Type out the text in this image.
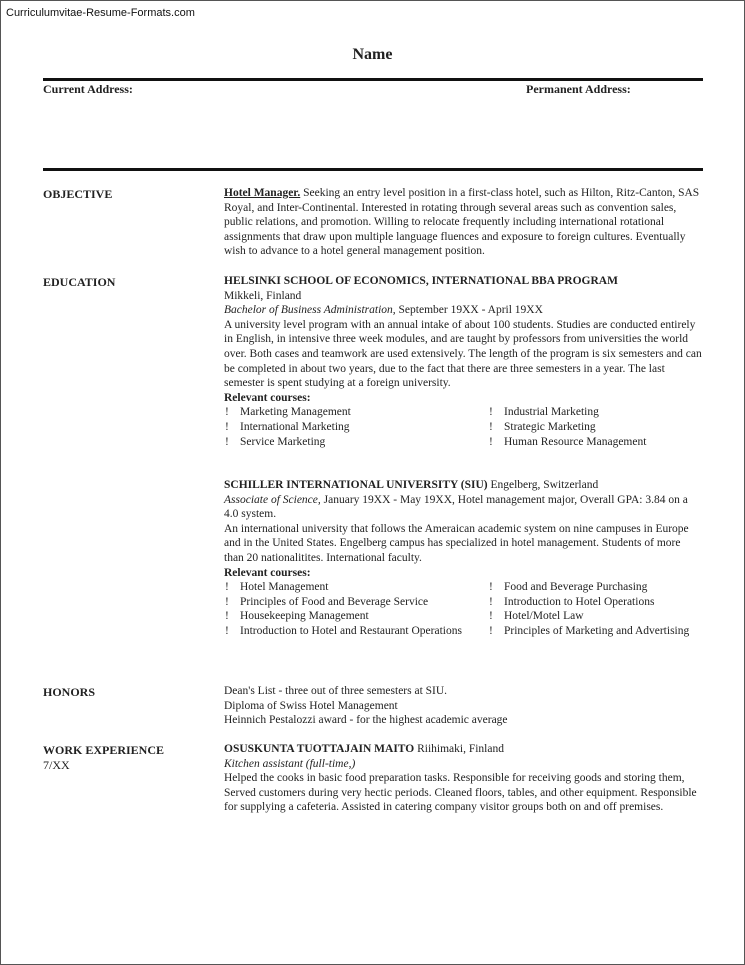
Curriculumvitae-Resume-Formats.com
Name
Current Address:	Permanent Address:
OBJECTIVE	Hotel Manager. Seeking an entry level position in a first-class hotel, such as Hilton, Ritz-Canton, SAS Royal, and Inter-Continental. Interested in rotating through several areas such as convention sales, public relations, and promotion. Willing to relocate frequently including international rotational assignments that draw upon multiple language fluences and exposure to foreign cultures. Eventually wish to advance to a hotel general management position.

EDUCATION	HELSINKI SCHOOL OF ECONOMICS, INTERNATIONAL BBA PROGRAM

Mikkeli, Finland

Bachelor of Business Administration, September 19XX - April 19XX

A university level program with an annual intake of about 100 students. Studies are conducted entirely in English, in intensive three week modules, and are taught by professors from universities the world over. Both cases and teamwork are used extensively. The length of the program is six semesters and can be completed in about two years, due to the fact that there are three semesters in a year. The last semester is spent studying at a foreign university.

Relevant courses:

! Marketing Management	! Industrial Marketing
! International Marketing	! Strategic Marketing
! Service Marketing	! Human Resource Management

SCHILLER INTERNATIONAL UNIVERSITY (SIU) Engelberg, Switzerland

Associate of Science, January 19XX - May 19XX, Hotel management major, Overall GPA: 3.84 on a 4.0 system.

An international university that follows the Ameraican academic system on nine campuses in Europe and in the United States. Engelberg campus has specialized in hotel management. Students of more than 20 nationalitites. International faculty.

Relevant courses:

! Hotel Management	! Food and Beverage Purchasing
! Principles of Food and Beverage Service	! Introduction to Hotel Operations
! Housekeeping Management	! Hotel/Motel Law
! Introduction to Hotel and Restaurant Operations ! Principles of Marketing and Advertising
HONORS	Dean's List - three out of three semesters at SIU.

Diploma of Swiss Hotel Management

Heinnich Pestalozzi award - for the highest academic average

WORK EXPERIENCE
7/XX

OSUSKUNTA TUOTTAJAIN MAITO Riihimaki, Finland

Kitchen assistant (full-time,)

Helped the cooks in basic food preparation tasks. Responsible for receiving goods and storing them, Served customers during very hectic periods. Cleaned floors, tables, and other equipment. Responsible for supplying a cafeteria. Assisted in catering company visitor groups both on and off premises.
